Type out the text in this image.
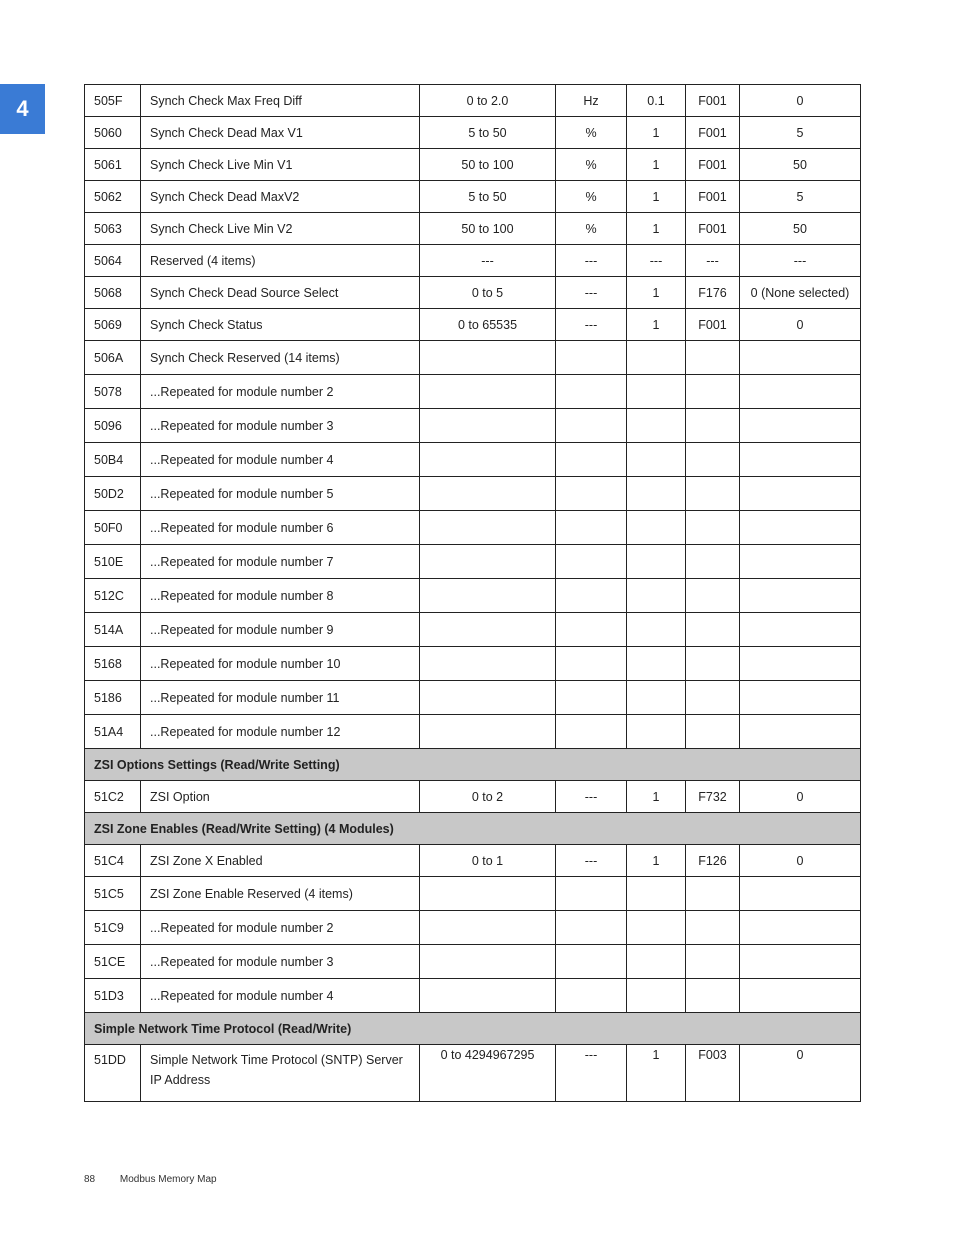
4	505F	Synch Check Max Freq Diff	0 to 2.0	Hz	0.1	F001	0
5060	Synch Check Dead Max V1	5 to 50	%	1	F001	5
5061	Synch Check Live Min V1	50 to 100	%	1	F001	50
5062	Synch Check Dead MaxV2	5 to 50	%	1	F001	5
5063	Synch Check Live Min V2	50 to 100	%	1	F001	50
5064	Reserved (4 items)	---	---	---	---	---
5068	Synch Check Dead Source Select	0 to 5	---	1	F176	0 (None selected)
5069	Synch Check Status	0 to 65535	---	1	F001	0
506A	Synch Check Reserved (14 items)					
5078	...Repeated for module number 2					
5096	...Repeated for module number 3					
50B4	...Repeated for module number 4					
50D2	...Repeated for module number 5					
50F0	...Repeated for module number 6					
510E	...Repeated for module number 7					
512C	...Repeated for module number 8					
514A	...Repeated for module number 9					
5168	...Repeated for module number 10					
5186	...Repeated for module number 11					
51A4	...Repeated for module number 12					
ZSI Options Settings (Read/Write Setting)						
51C2	ZSI Option	0 to 2	---	1	F732	0
ZSI Zone Enables (Read/Write Setting) (4 Modules)						
51C4	ZSI Zone X Enabled	0 to 1	---	1	F126	0
51C5	ZSI Zone Enable Reserved (4 items)					
51C9	...Repeated for module number 2					
51CE	...Repeated for module number 3					
51D3	...Repeated for module number 4					
Simple Network Time Protocol (Read/Write)						
51DD	Simple Network Time Protocol (SNTP) Server IP Address	0 to 4294967295	---	1	F003	0
88 Modbus Memory Map
